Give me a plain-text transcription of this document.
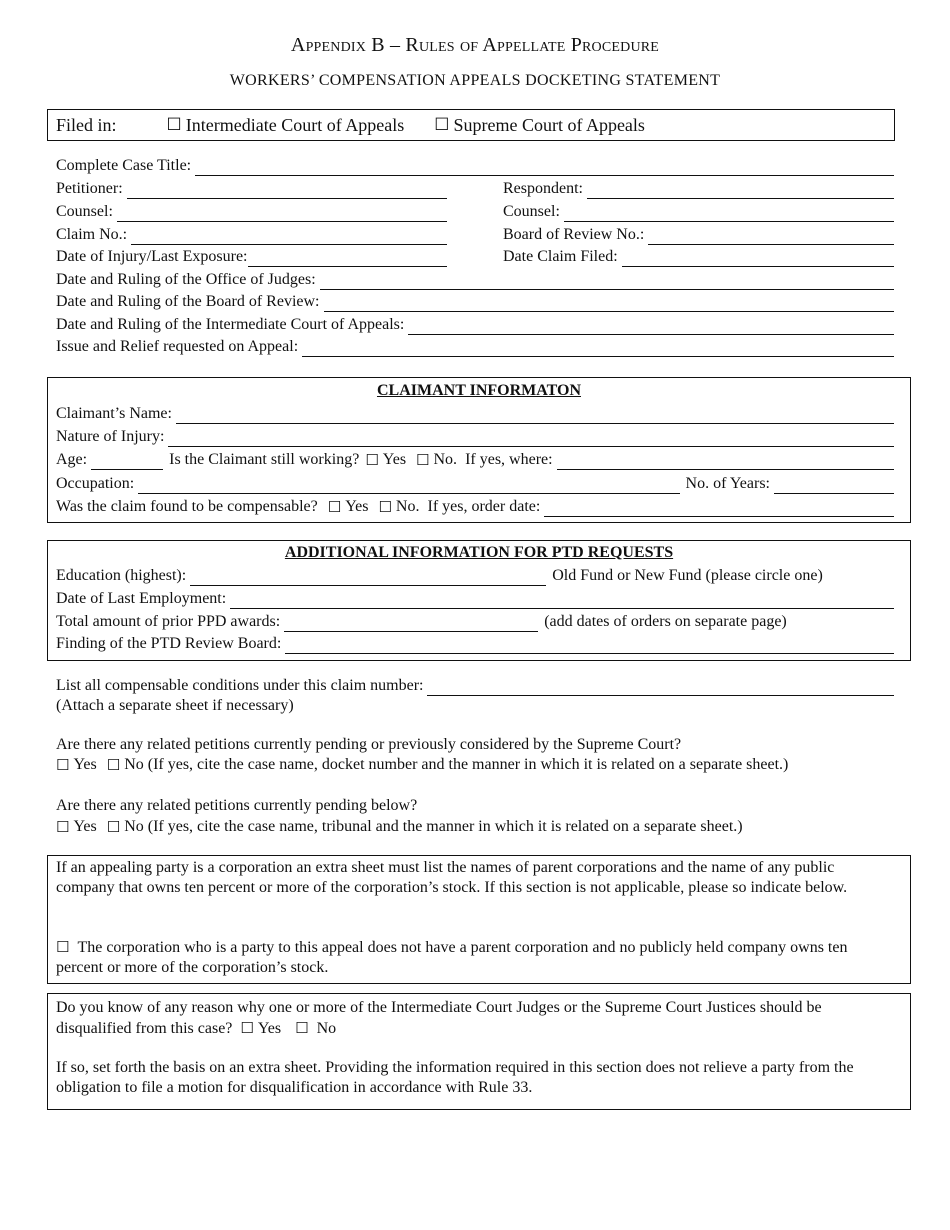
Appendix B – Rules of Appellate Procedure
WORKERS’ COMPENSATION APPEALS DOCKETING STATEMENT
Filed in:	☐ Intermediate Court of Appeals ☐ Supreme Court of Appeals
Complete Case Title:
Petitioner:	Respondent:
Counsel:	Counsel:
Claim No.:	Board of Review No.:
Date of Injury/Last Exposure:	Date Claim Filed:
Date and Ruling of the Office of Judges:
Date and Ruling of the Board of Review:
Date and Ruling of the Intermediate Court of Appeals:
Issue and Relief requested on Appeal:
CLAIMANT INFORMATON
Claimant’s Name:
Nature of Injury:
Age:	Is the Claimant still working? ☐ Yes ☐ No. If yes, where:
Occupation:	No. of Years:
Was the claim found to be compensable? ☐ Yes ☐ No. If yes, order date:
ADDITIONAL INFORMATION FOR PTD REQUESTS
Education (highest):	Old Fund or New Fund (please circle one)
Date of Last Employment:
Total amount of prior PPD awards:	(add dates of orders on separate page)
Finding of the PTD Review Board:
List all compensable conditions under this claim number:
(Attach a separate sheet if necessary)
Are there any related petitions currently pending or previously considered by the Supreme Court?
☐ Yes ☐ No (If yes, cite the case name, docket number and the manner in which it is related on a separate sheet.)
Are there any related petitions currently pending below?
☐ Yes ☐ No (If yes, cite the case name, tribunal and the manner in which it is related on a separate sheet.)
If an appealing party is a corporation an extra sheet must list the names of parent corporations and the name of any public company that owns ten percent or more of the corporation’s stock. If this section is not applicable, please so indicate below.
☐ The corporation who is a party to this appeal does not have a parent corporation and no publicly held company owns ten percent or more of the corporation’s stock.
Do you know of any reason why one or more of the Intermediate Court Judges or the Supreme Court Justices should be disqualified from this case? ☐ Yes ☐ No
If so, set forth the basis on an extra sheet. Providing the information required in this section does not relieve a party from the obligation to file a motion for disqualification in accordance with Rule 33.
